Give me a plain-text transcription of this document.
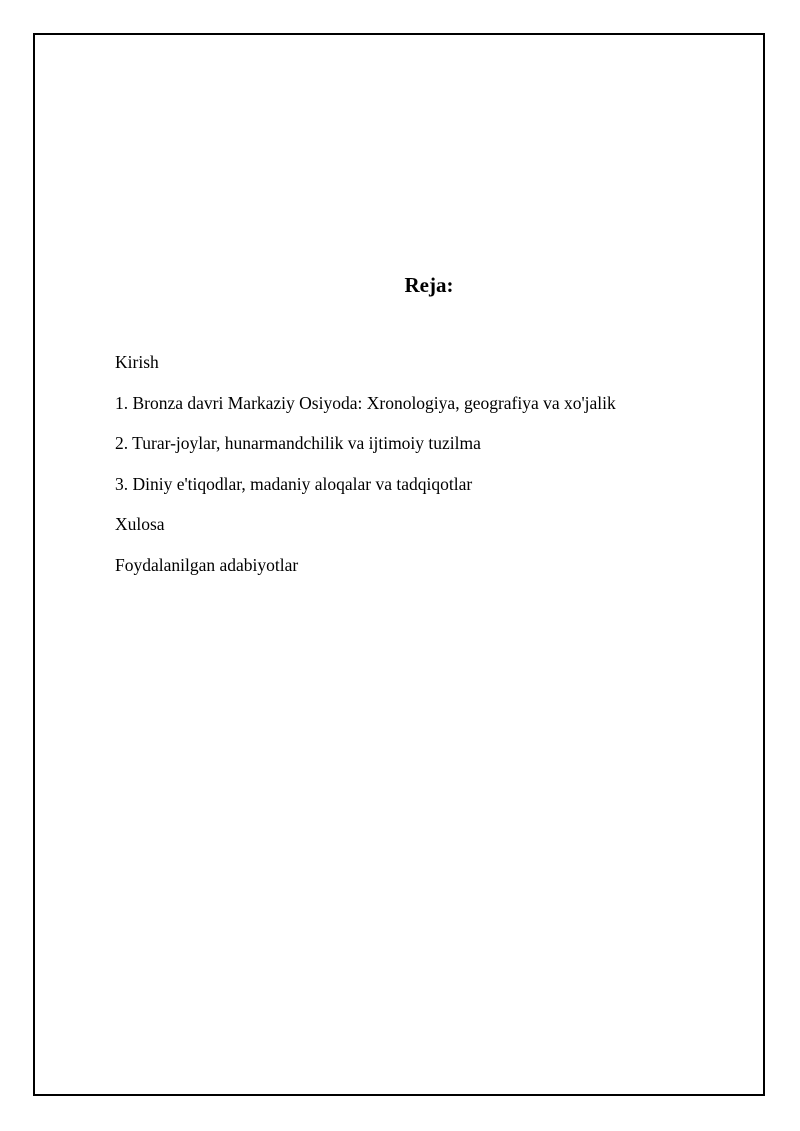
Reja:
Kirish
1. Bronza davri Markaziy Osiyoda: Xronologiya, geografiya va xo'jalik
2. Turar-joylar, hunarmandchilik va ijtimoiy tuzilma
3. Diniy e'tiqodlar, madaniy aloqalar va tadqiqotlar
Xulosa
Foydalanilgan adabiyotlar
